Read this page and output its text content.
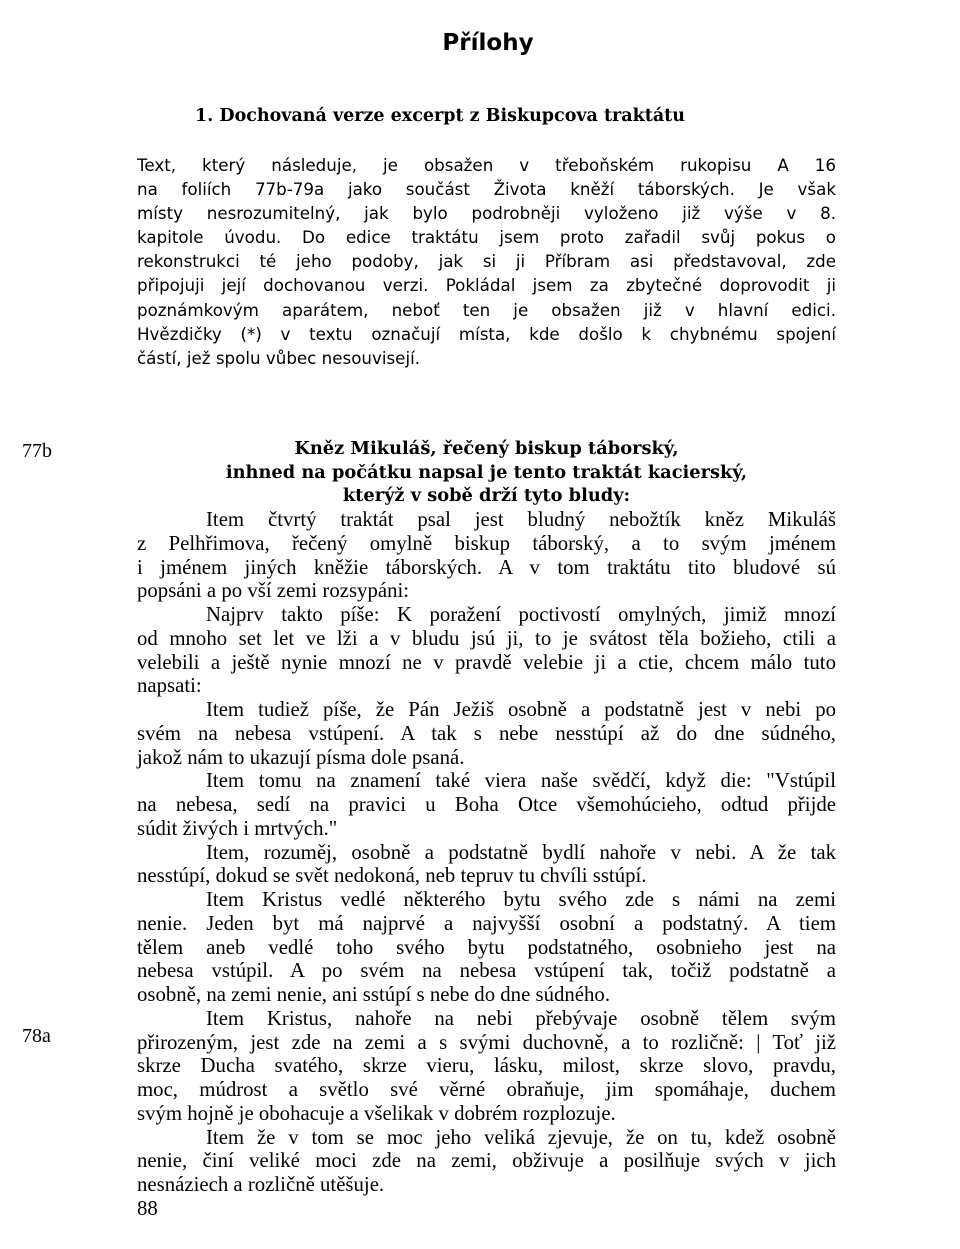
Přílohy
1. Dochovaná verze excerpt z Biskupcova traktátu

Text, který následuje, je obsažen v třeboňském rukopisu A 16

na foliích 77b-79a jako součást Života kněží táborských. Je však

místy nesrozumitelný, jak bylo podrobněji vyloženo již výše v 8.

kapitole úvodu. Do edice traktátu jsem proto zařadil svůj pokus o

rekonstrukci té jeho podoby, jak si ji Příbram asi představoval, zde

připojuji její dochovanou verzi. Pokládal jsem za zbytečné doprovodit ji

poznámkovým aparátem, neboť ten je obsažen již v hlavní edici.

Hvězdičky (*) v textu označují místa, kde došlo k chybnému spojení

částí, jež spolu vůbec nesouvisejí.

77b
78a
Kněz Mikuláš, řečený biskup táborský,
inhned na počátku napsal je tento traktát kacierský,
kterýž v sobě drží tyto bludy:
Item čtvrtý traktát psal jest bludný nebožtík kněz Mikuláš
z Pelhřimova, řečený omylně biskup táborský, a to svým jménem
i jménem jiných kněžie táborských. A v tom traktátu tito bludové sú
popsáni a po vší zemi rozsypáni:
Najprv takto píše: K poražení poctivostí omylných, jimiž mnozí
od mnoho set let ve lži a v bludu jsú ji, to je svátost těla božieho, ctili a
velebili a ještě nynie mnozí ne v pravdě velebie ji a ctie, chcem málo tuto
napsati:
Item tudiež píše, že Pán Ježiš osobně a podstatně jest v nebi po
svém na nebesa vstúpení. A tak s nebe nesstúpí až do dne súdného,
jakož nám to ukazují písma dole psaná.
Item tomu na znamení také viera naše svědčí, když die: "Vstúpil
na nebesa, sedí na pravici u Boha Otce všemohúcieho, odtud přijde
súdit živých i mrtvých."
Item, rozuměj, osobně a podstatně bydlí nahoře v nebi. A že tak
nesstúpí, dokud se svět nedokoná, neb tepruv tu chvíli sstúpí.
Item Kristus vedlé některého bytu svého zde s námi na zemi
nenie. Jeden byt má najprvé a najvyšší osobní a podstatný. A tiem
tělem aneb vedlé toho svého bytu podstatného, osobnieho jest na
nebesa vstúpil. A po svém na nebesa vstúpení tak, točiž podstatně a
osobně, na zemi nenie, ani sstúpí s nebe do dne súdného.
Item Kristus, nahoře na nebi přebývaje osobně tělem svým
přirozeným, jest zde na zemi a s svými duchovně, a to rozličně: | Toť již
skrze Ducha svatého, skrze vieru, lásku, milost, skrze slovo, pravdu,
moc, múdrost a světlo své věrné obraňuje, jim spomáhaje, duchem
svým hojně je obohacuje a všelikak v dobrém rozplozuje.
Item že v tom se moc jeho veliká zjevuje, že on tu, kdež osobně
nenie, činí veliké moci zde na zemi, obživuje a posilňuje svých v jich
nesnáziech a rozličně utěšuje.
88
